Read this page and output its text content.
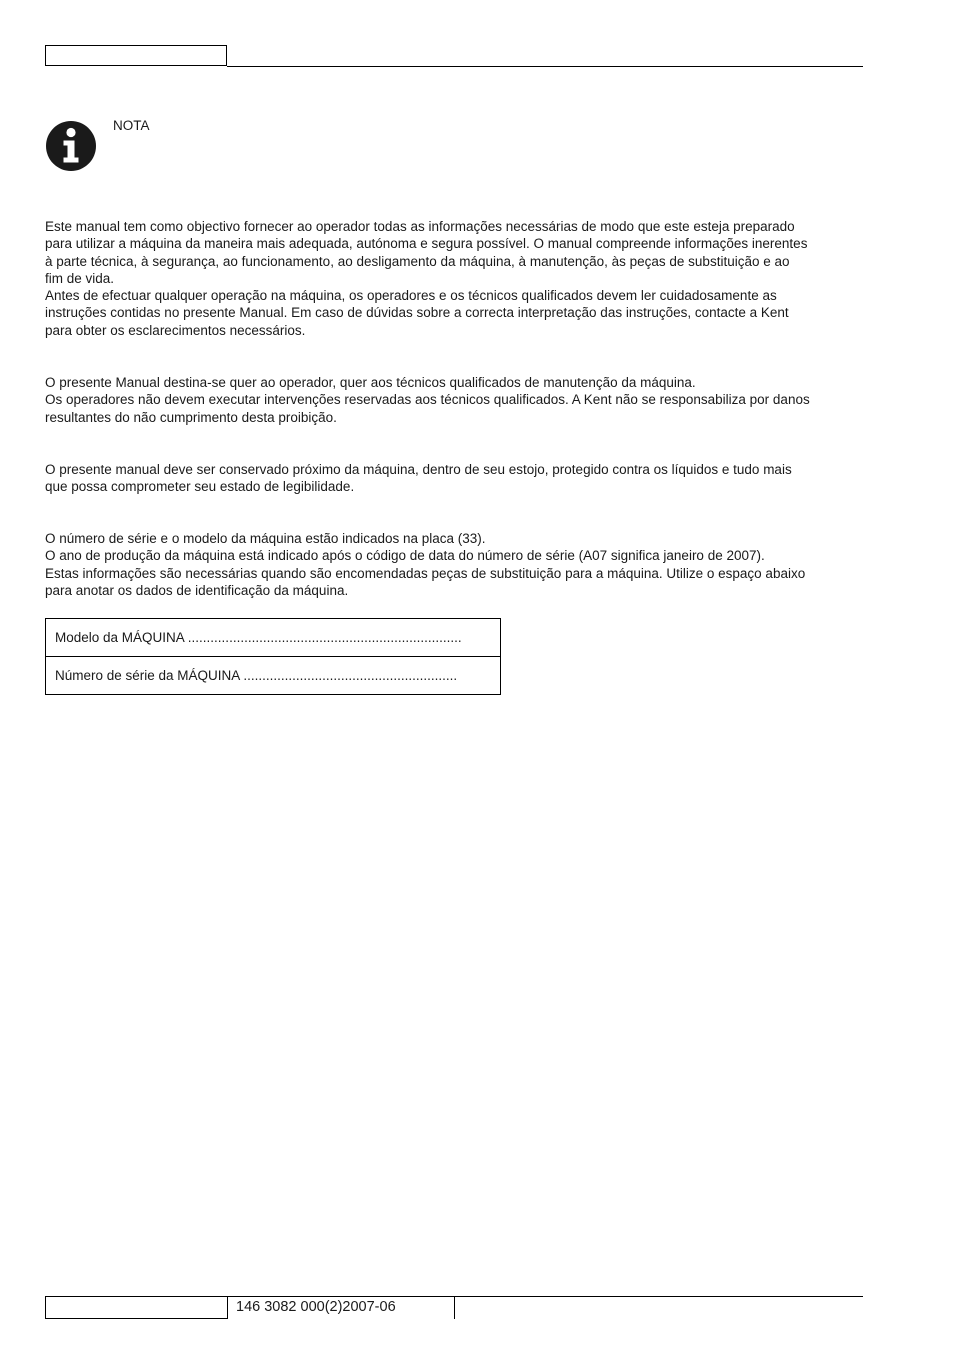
NOTA
Este manual tem como objectivo fornecer ao operador todas as informações necessárias de modo que este esteja preparado
para utilizar a máquina da maneira mais adequada, autónoma e segura possível. O manual compreende informações inerentes
à parte técnica, à segurança, ao funcionamento, ao desligamento da máquina, à manutenção, às peças de substituição e ao
fim de vida.
Antes de efectuar qualquer operação na máquina, os operadores e os técnicos qualificados devem ler cuidadosamente as
instruções contidas no presente Manual. Em caso de dúvidas sobre a correcta interpretação das instruções, contacte a Kent
para obter os esclarecimentos necessários.
O presente Manual destina-se quer ao operador, quer aos técnicos qualificados de manutenção da máquina.
Os operadores não devem executar intervenções reservadas aos técnicos qualificados. A Kent não se responsabiliza por danos
resultantes do não cumprimento desta proibição.
O presente manual deve ser conservado próximo da máquina, dentro de seu estojo, protegido contra os líquidos e tudo mais
que possa comprometer seu estado de legibilidade.
O número de série e o modelo da máquina estão indicados na placa (33).
O ano de produção da máquina está indicado após o código de data do número de série (A07 significa janeiro de 2007).
Estas informações são necessárias quando são encomendadas peças de substituição para a máquina. Utilize o espaço abaixo
para anotar os dados de identificação da máquina.
Modelo da MÁQUINA .........................................................................
Número de série da MÁQUINA .........................................................
146 3082 000(2)2007-06
